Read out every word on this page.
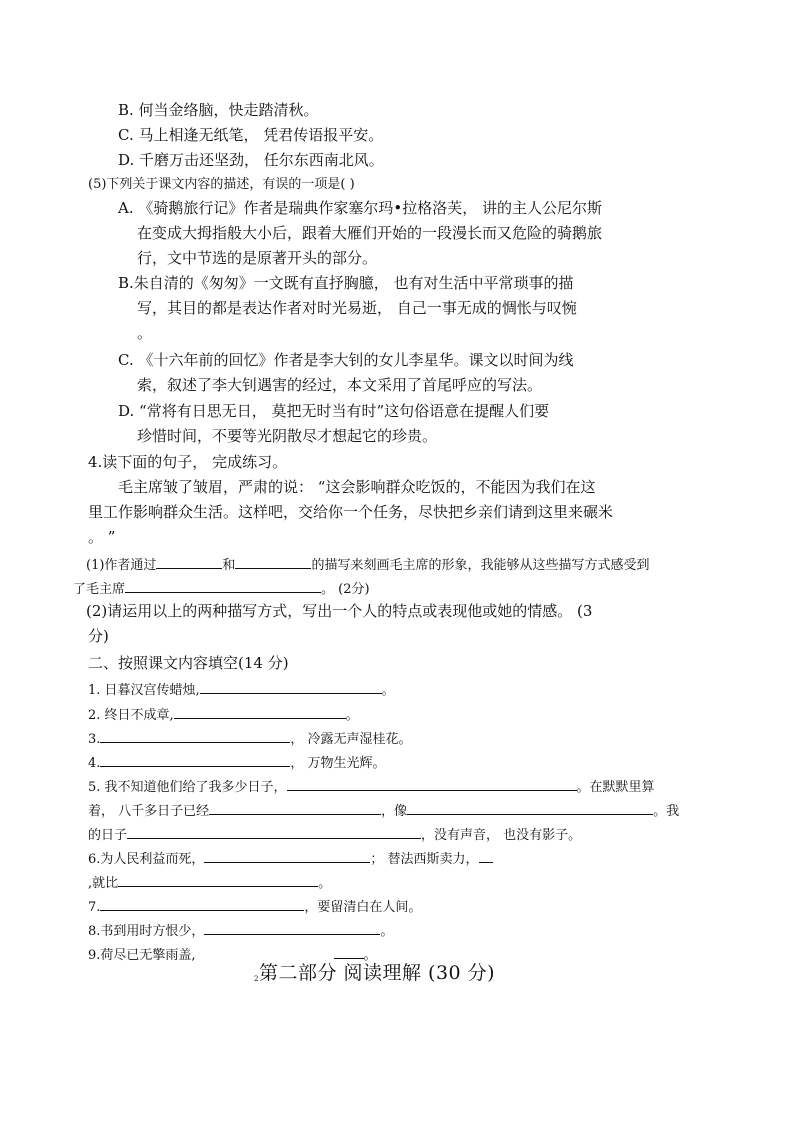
B. 何当金络脑，快走踏清秋。
C. 马上相逢无纸笔， 凭君传语报平安。
D. 千磨万击还坚劲， 任尔东西南北风。
(5)下列关于课文内容的描述，有误的一项是( )
A. 《骑鹅旅行记》作者是瑞典作家塞尔玛•拉格洛芙， 讲的主人公尼尔斯
在变成大拇指般大小后，跟着大雁们开始的一段漫长而又危险的骑鹅旅
行，文中节选的是原著开头的部分。
B.朱自清的《匆匆》一文既有直抒胸臆， 也有对生活中平常琐事的描
写，其目的都是表达作者对时光易逝， 自己一事无成的惆怅与叹惋
。
C. 《十六年前的回忆》作者是李大钊的女儿李星华。课文以时间为线
索，叙述了李大钊遇害的经过，本文采用了首尾呼应的写法。
D. “常将有日思无日， 莫把无时当有时”这句俗语意在提醒人们要
珍惜时间，不要等光阴散尽才想起它的珍贵。
4.读下面的句子， 完成练习。
毛主席皱了皱眉，严肃的说： “这会影响群众吃饭的，不能因为我们在这
里工作影响群众生活。这样吧，交给你一个任务，尽快把乡亲们请到这里来碾米
。 ”
(1)作者通过	和	的描写来刻画毛主席的形象，我能够从这些描写方式感受到
了毛主席	。 (2分)
(2)请运用以上的两种描写方式，写出一个人的特点或表现他或她的情感。 (3
分)
二、按照课文内容填空(14 分)
1. 日暮汉宫传蜡烛,	。
2. 终日不成章,	。
3.	， 冷露无声湿桂花。
4.	， 万物生光辉。
5. 我不知道他们给了我多少日子，	。在默默里算
着， 八千多日子已经	，像	。我
的日子	，没有声音， 也没有影子。
6.为人民利益而死，	； 替法西斯卖力，
,就比	。
7.	，要留清白在人间。
8.书到用时方恨少，	。
9.荷尽已无擎雨盖,	。
2第二部分 阅读理解 (30 分)
